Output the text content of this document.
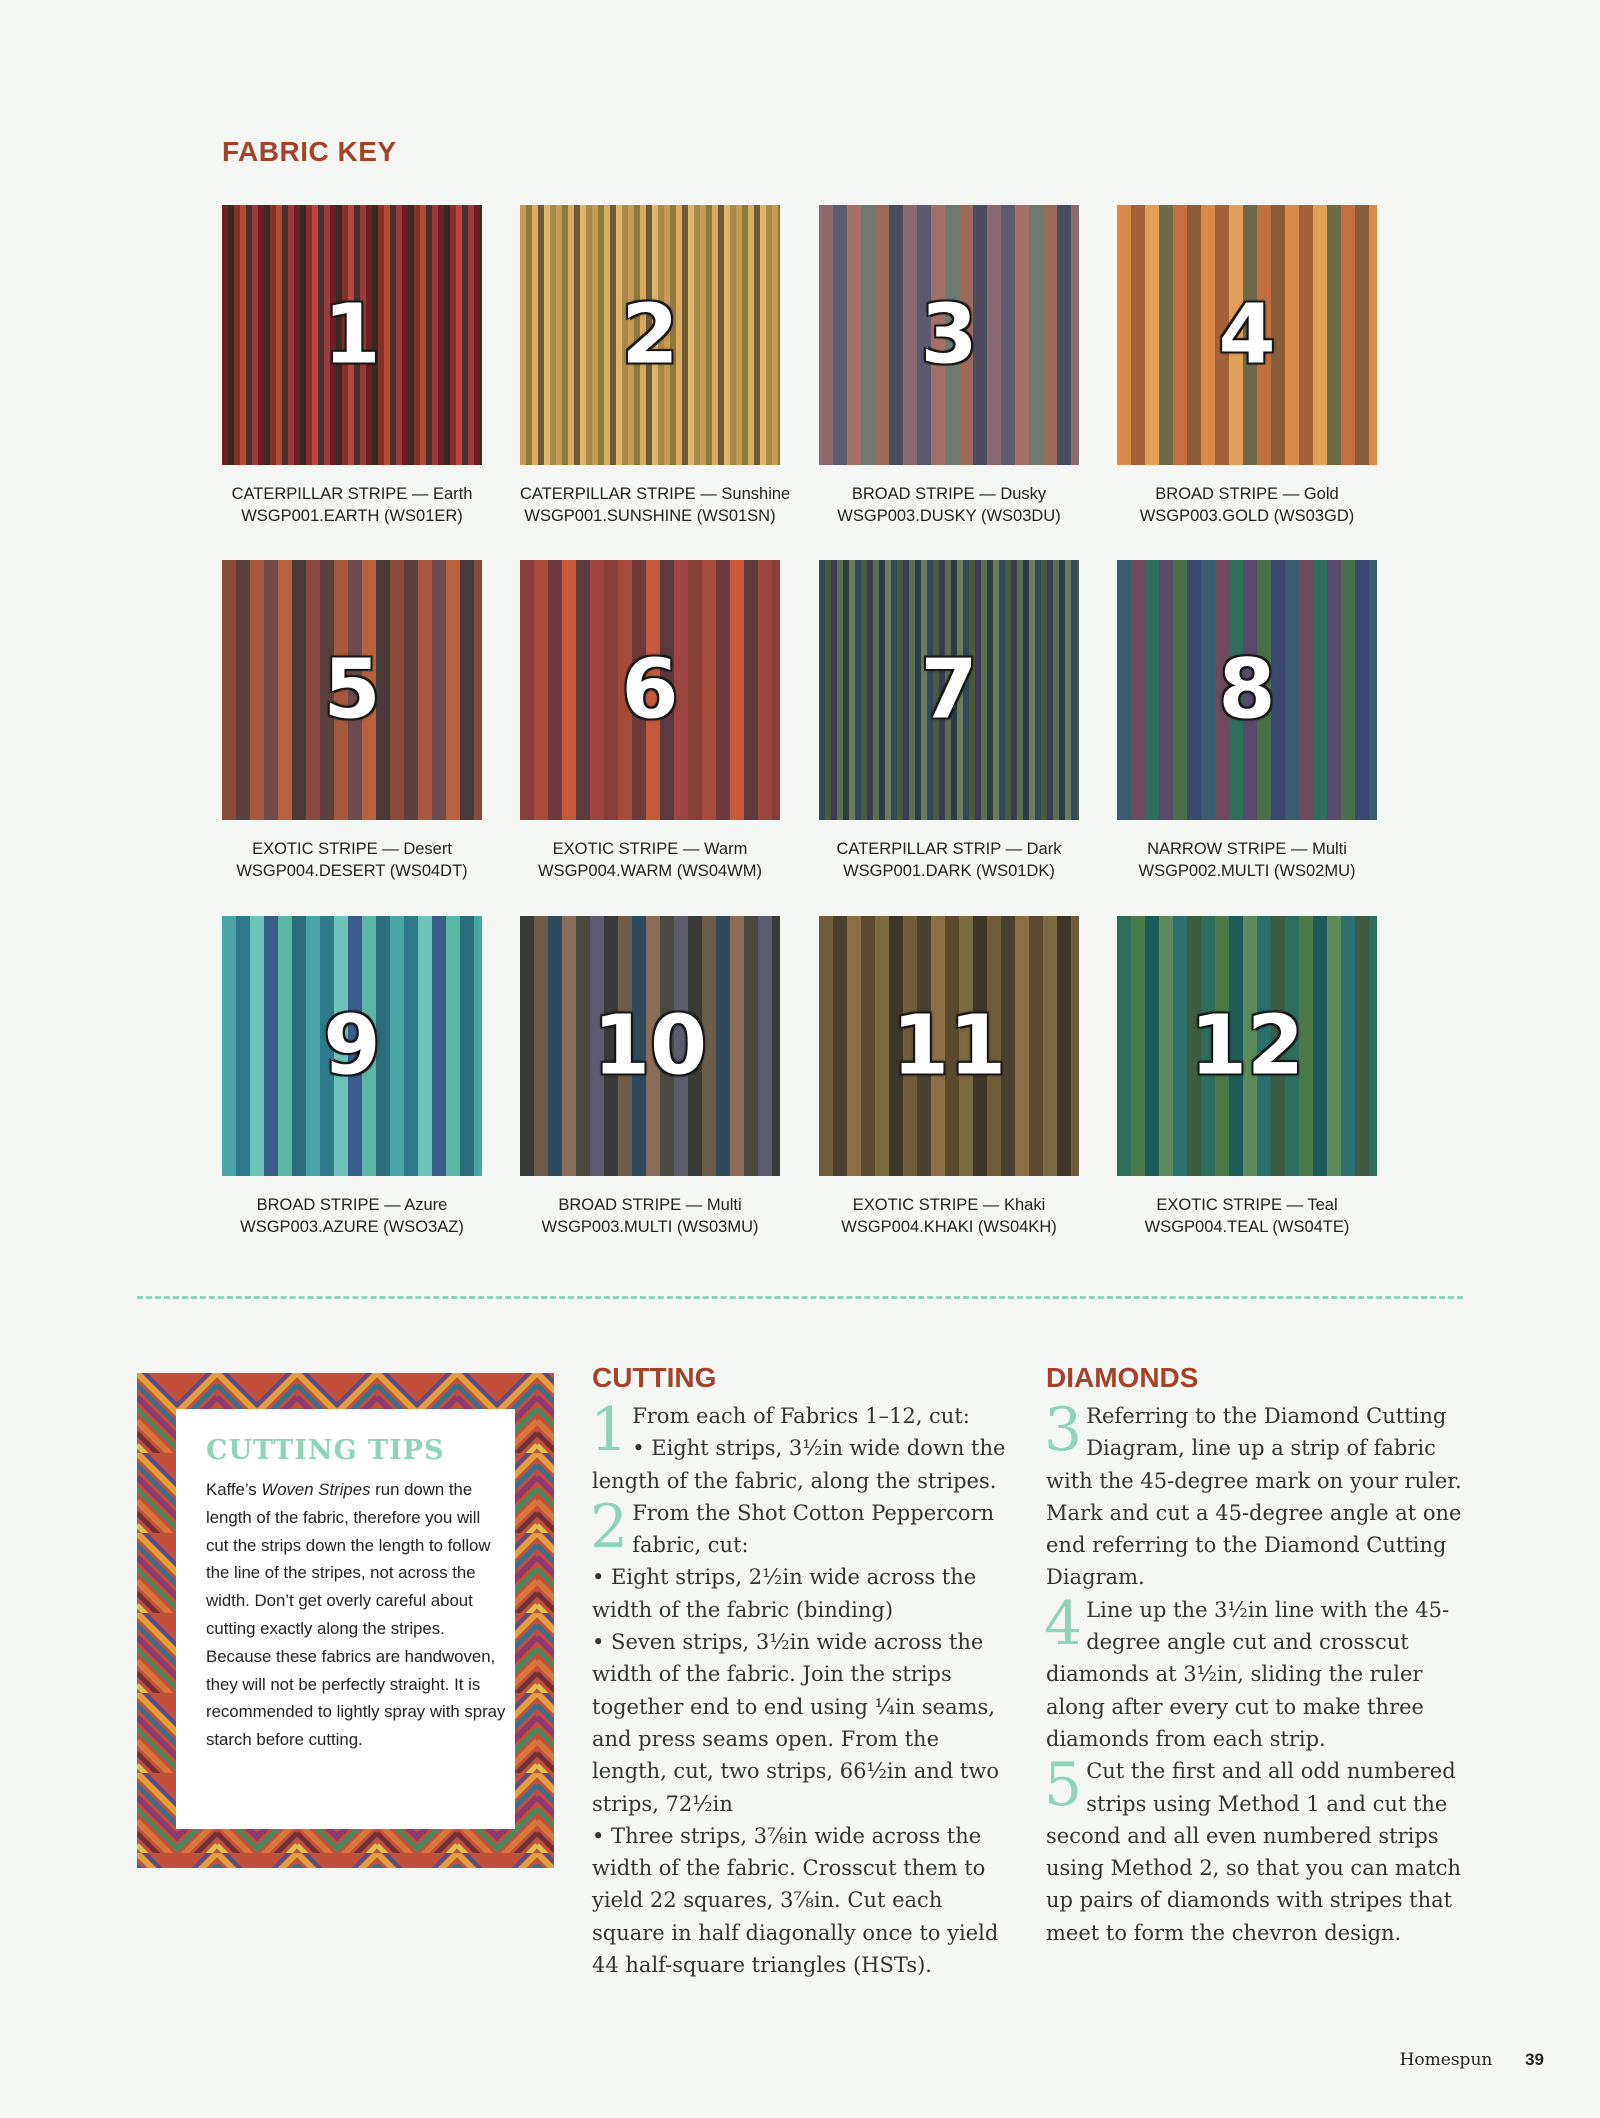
FABRIC KEY
1
CATERPILLAR STRIPE — Earth
WSGP001.EARTH (WS01ER)
2
CATERPILLAR STRIPE — Sunshine
WSGP001.SUNSHINE (WS01SN)
3
BROAD STRIPE — Dusky
WSGP003.DUSKY (WS03DU)
4
BROAD STRIPE — Gold
WSGP003.GOLD (WS03GD)
5
EXOTIC STRIPE — Desert
WSGP004.DESERT (WS04DT)
6
EXOTIC STRIPE — Warm
WSGP004.WARM (WS04WM)
7
CATERPILLAR STRIP — Dark
WSGP001.DARK (WS01DK)
8
NARROW STRIPE — Multi
WSGP002.MULTI (WS02MU)
9
BROAD STRIPE — Azure
WSGP003.AZURE (WSO3AZ)
10
BROAD STRIPE — Multi
WSGP003.MULTI (WS03MU)
11
EXOTIC STRIPE — Khaki
WSGP004.KHAKI (WS04KH)
12
EXOTIC STRIPE — Teal
WSGP004.TEAL (WS04TE)
CUTTING TIPS
Kaffe’s Woven Stripes run down the length of the fabric, therefore you will cut the strips down the length to follow the line of the stripes, not across the width. Don’t get overly careful about cutting exactly along the stripes. Because these fabrics are handwoven, they will not be perfectly straight. It is recommended to lightly spray with spray starch before cutting.
CUTTING

1 From each of Fabrics 1–12, cut:
• Eight strips, 3½in wide down the length of the fabric, along the stripes.

2 From the Shot Cotton Peppercorn fabric, cut:

• Eight strips, 2½in wide across the width of the fabric (binding)

• Seven strips, 3½in wide across the width of the fabric. Join the strips together end to end using ¼in seams, and press seams open. From the length, cut, two strips, 66½in and two strips, 72½in

• Three strips, 3⅞in wide across the width of the fabric. Crosscut them to yield 22 squares, 3⅞in. Cut each square in half diagonally once to yield 44 half-square triangles (HSTs).

DIAMONDS

3 Referring to the Diamond Cutting Diagram, line up a strip of fabric with the 45-degree mark on your ruler. Mark and cut a 45-degree angle at one end referring to the Diamond Cutting Diagram.

4 Line up the 3½in line with the 45-degree angle cut and crosscut diamonds at 3½in, sliding the ruler along after every cut to make three diamonds from each strip.

5 Cut the first and all odd numbered strips using Method 1 and cut the second and all even numbered strips using Method 2, so that you can match up pairs of diamonds with stripes that meet to form the chevron design.

Homespun 39
